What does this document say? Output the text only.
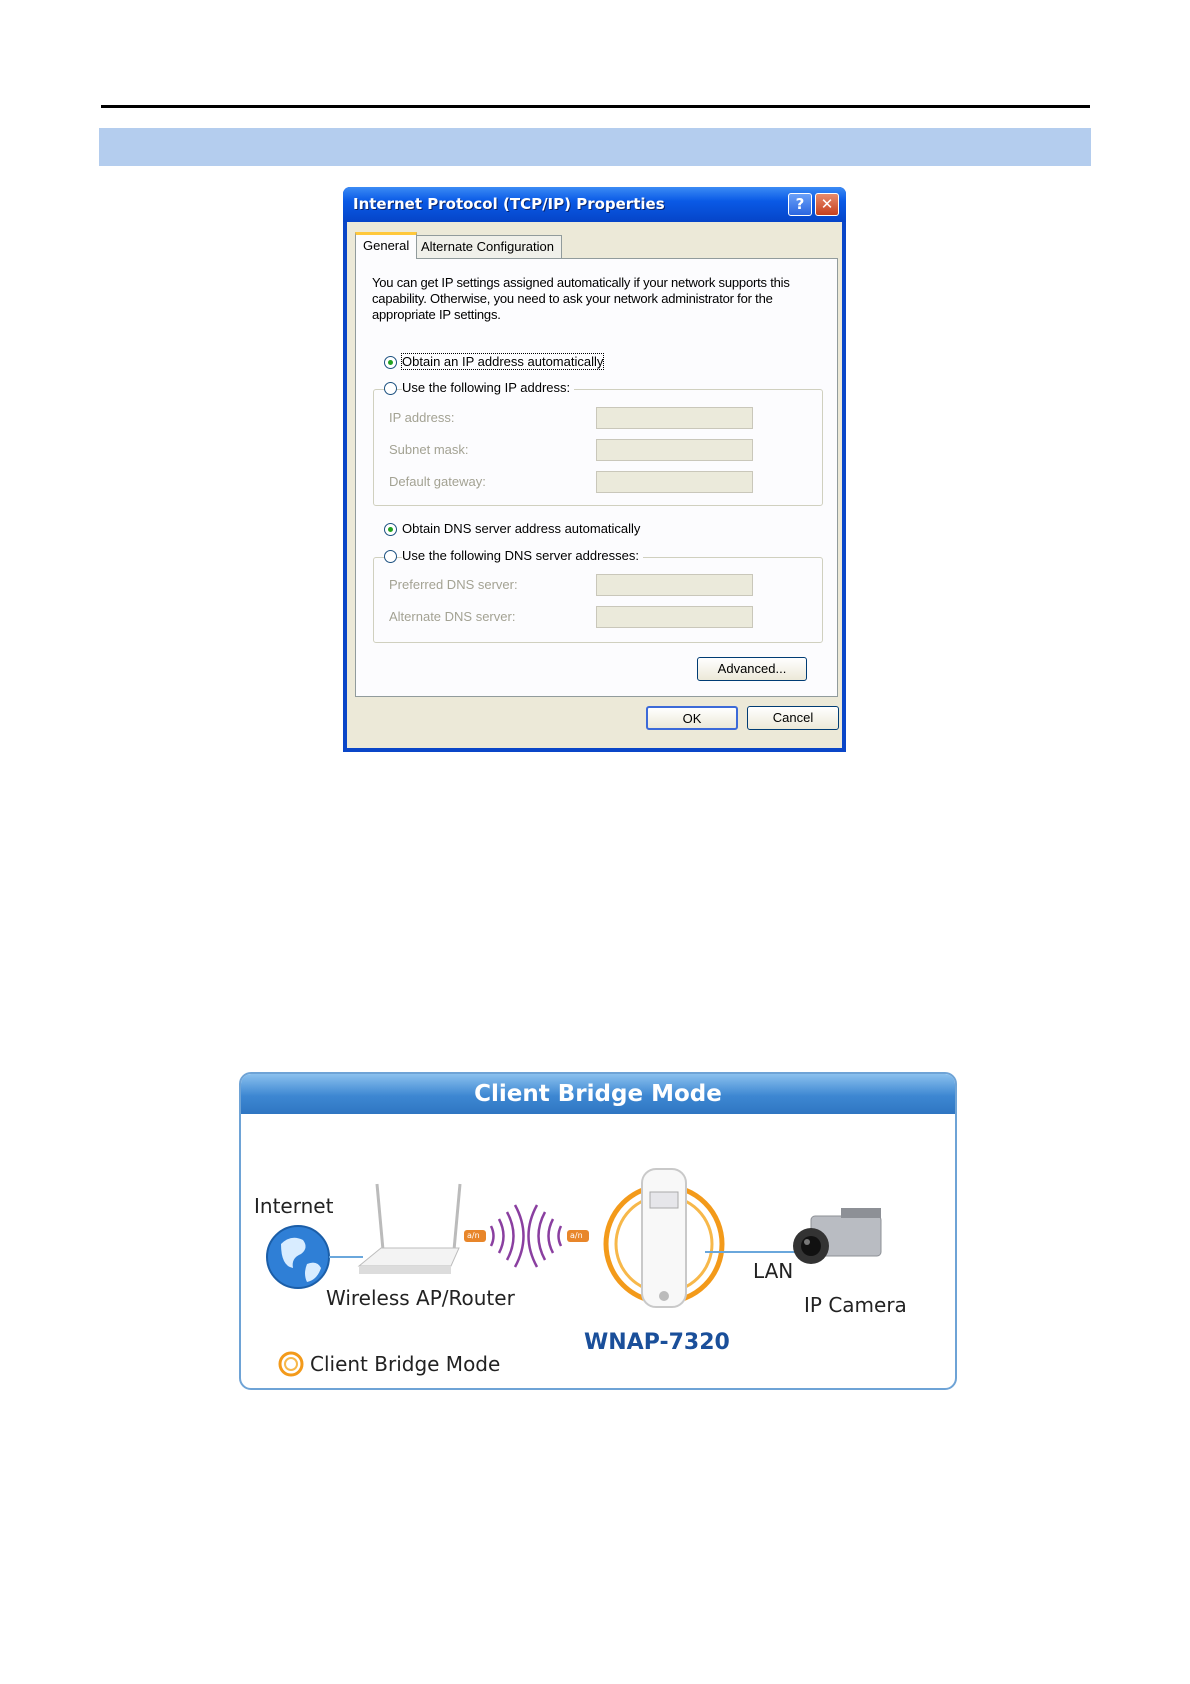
Internet Protocol (TCP/IP) Properties	?	✕
General Alternate Configuration
You can get IP settings assigned automatically if your network supports this capability. Otherwise, you need to ask your network administrator for the appropriate IP settings.
Obtain an IP address automatically
Use the following IP address:
IP address:
Subnet mask:
Default gateway:
Obtain DNS server address automatically
Use the following DNS server addresses:
Preferred DNS server:
Alternate DNS server:
Advanced...
OK	Cancel
Client Bridge Mode
a/n	a/n
Internet
Wireless AP/Router
WNAP-7320
LAN
IP Camera
Client Bridge Mode
